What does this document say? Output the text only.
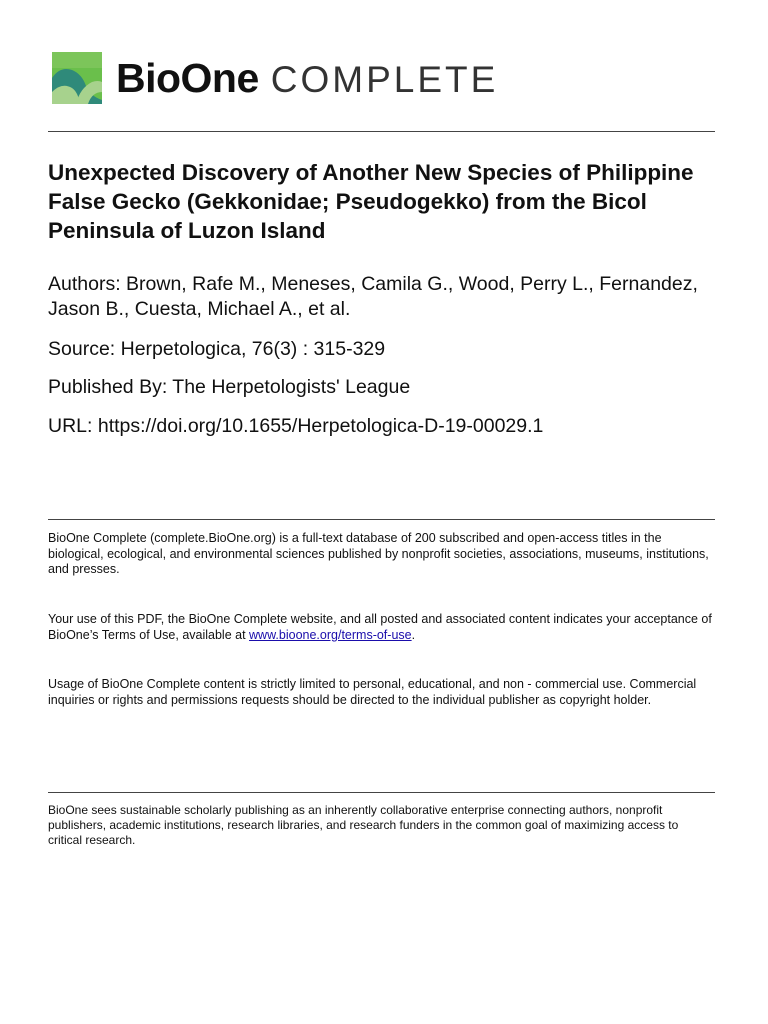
BioOne COMPLETE
Unexpected Discovery of Another New Species of Philippine False Gecko (Gekkonidae; Pseudogekko) from the Bicol Peninsula of Luzon Island

Authors: Brown, Rafe M., Meneses, Camila G., Wood, Perry L., Fernandez, Jason B., Cuesta, Michael A., et al.

Source: Herpetologica, 76(3) : 315-329

Published By: The Herpetologists' League

URL: https://doi.org/10.1655/Herpetologica-D-19-00029.1

BioOne Complete (complete.BioOne.org) is a full-text database of 200 subscribed and open-access titles in the biological, ecological, and environmental sciences published by nonprofit societies, associations, museums, institutions, and presses.

Your use of this PDF, the BioOne Complete website, and all posted and associated content indicates your acceptance of BioOne’s Terms of Use, available at www.bioone.org/terms-of-use.

Usage of BioOne Complete content is strictly limited to personal, educational, and non - commercial use. Commercial inquiries or rights and permissions requests should be directed to the individual publisher as copyright holder.

BioOne sees sustainable scholarly publishing as an inherently collaborative enterprise connecting authors, nonprofit publishers, academic institutions, research libraries, and research funders in the common goal of maximizing access to critical research.
